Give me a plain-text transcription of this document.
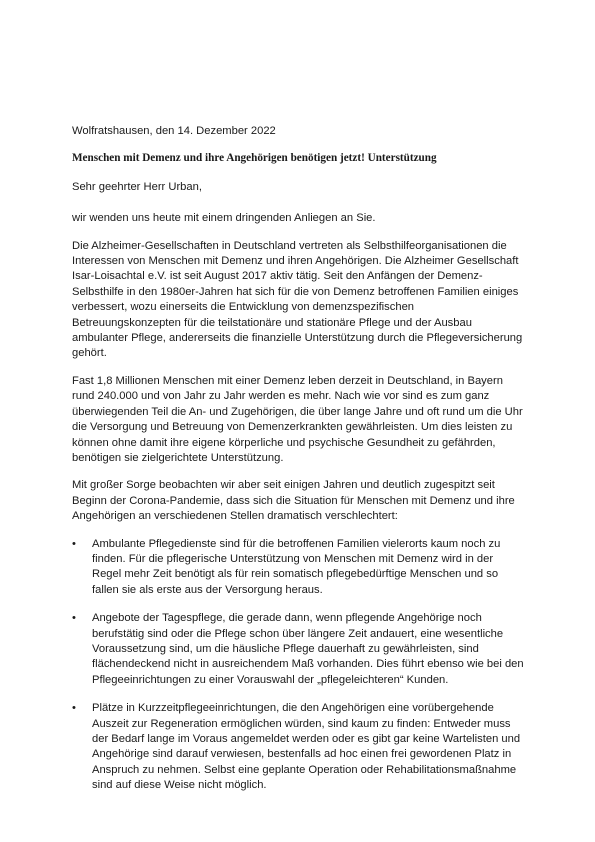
Wolfratshausen, den 14. Dezember 2022
Menschen mit Demenz und ihre Angehörigen benötigen jetzt! Unterstützung
Sehr geehrter Herr Urban,

wir wenden uns heute mit einem dringenden Anliegen an Sie.

Die Alzheimer-Gesellschaften in Deutschland vertreten als Selbsthilfeorganisationen die Interessen von Menschen mit Demenz und ihren Angehörigen. Die Alzheimer Gesellschaft Isar-Loisachtal e.V. ist seit August 2017 aktiv tätig. Seit den Anfängen der Demenz-Selbsthilfe in den 1980er-Jahren hat sich für die von Demenz betroffenen Familien einiges verbessert, wozu einerseits die Entwicklung von demenzspezifischen Betreuungskonzepten für die teilstationäre und stationäre Pflege und der Ausbau ambulanter Pflege, andererseits die finanzielle Unterstützung durch die Pflegeversicherung gehört.

Fast 1,8 Millionen Menschen mit einer Demenz leben derzeit in Deutschland, in Bayern rund 240.000 und von Jahr zu Jahr werden es mehr. Nach wie vor sind es zum ganz überwiegenden Teil die An- und Zugehörigen, die über lange Jahre und oft rund um die Uhr die Versorgung und Betreuung von Demenzerkrankten gewährleisten. Um dies leisten zu können ohne damit ihre eigene körperliche und psychische Gesundheit zu gefährden, benötigen sie zielgerichtete Unterstützung.

Mit großer Sorge beobachten wir aber seit einigen Jahren und deutlich zugespitzt seit Beginn der Corona-Pandemie, dass sich die Situation für Menschen mit Demenz und ihre Angehörigen an verschiedenen Stellen dramatisch verschlechtert:

• Ambulante Pflegedienste sind für die betroffenen Familien vielerorts kaum noch zu finden. Für die pflegerische Unterstützung von Menschen mit Demenz wird in der Regel mehr Zeit benötigt als für rein somatisch pflegebedürftige Menschen und so fallen sie als erste aus der Versorgung heraus.
• Angebote der Tagespflege, die gerade dann, wenn pflegende Angehörige noch berufstätig sind oder die Pflege schon über längere Zeit andauert, eine wesentliche Voraussetzung sind, um die häusliche Pflege dauerhaft zu gewährleisten, sind flächendeckend nicht in ausreichendem Maß vorhanden. Dies führt ebenso wie bei den Pflegeeinrichtungen zu einer Vorauswahl der „pflegeleichteren“ Kunden.
• Plätze in Kurzzeitpflegeeinrichtungen, die den Angehörigen eine vorübergehende Auszeit zur Regeneration ermöglichen würden, sind kaum zu finden: Entweder muss der Bedarf lange im Voraus angemeldet werden oder es gibt gar keine Wartelisten und Angehörige sind darauf verwiesen, bestenfalls ad hoc einen frei gewordenen Platz in Anspruch zu nehmen. Selbst eine geplante Operation oder Rehabilitationsmaßnahme sind auf diese Weise nicht möglich.
